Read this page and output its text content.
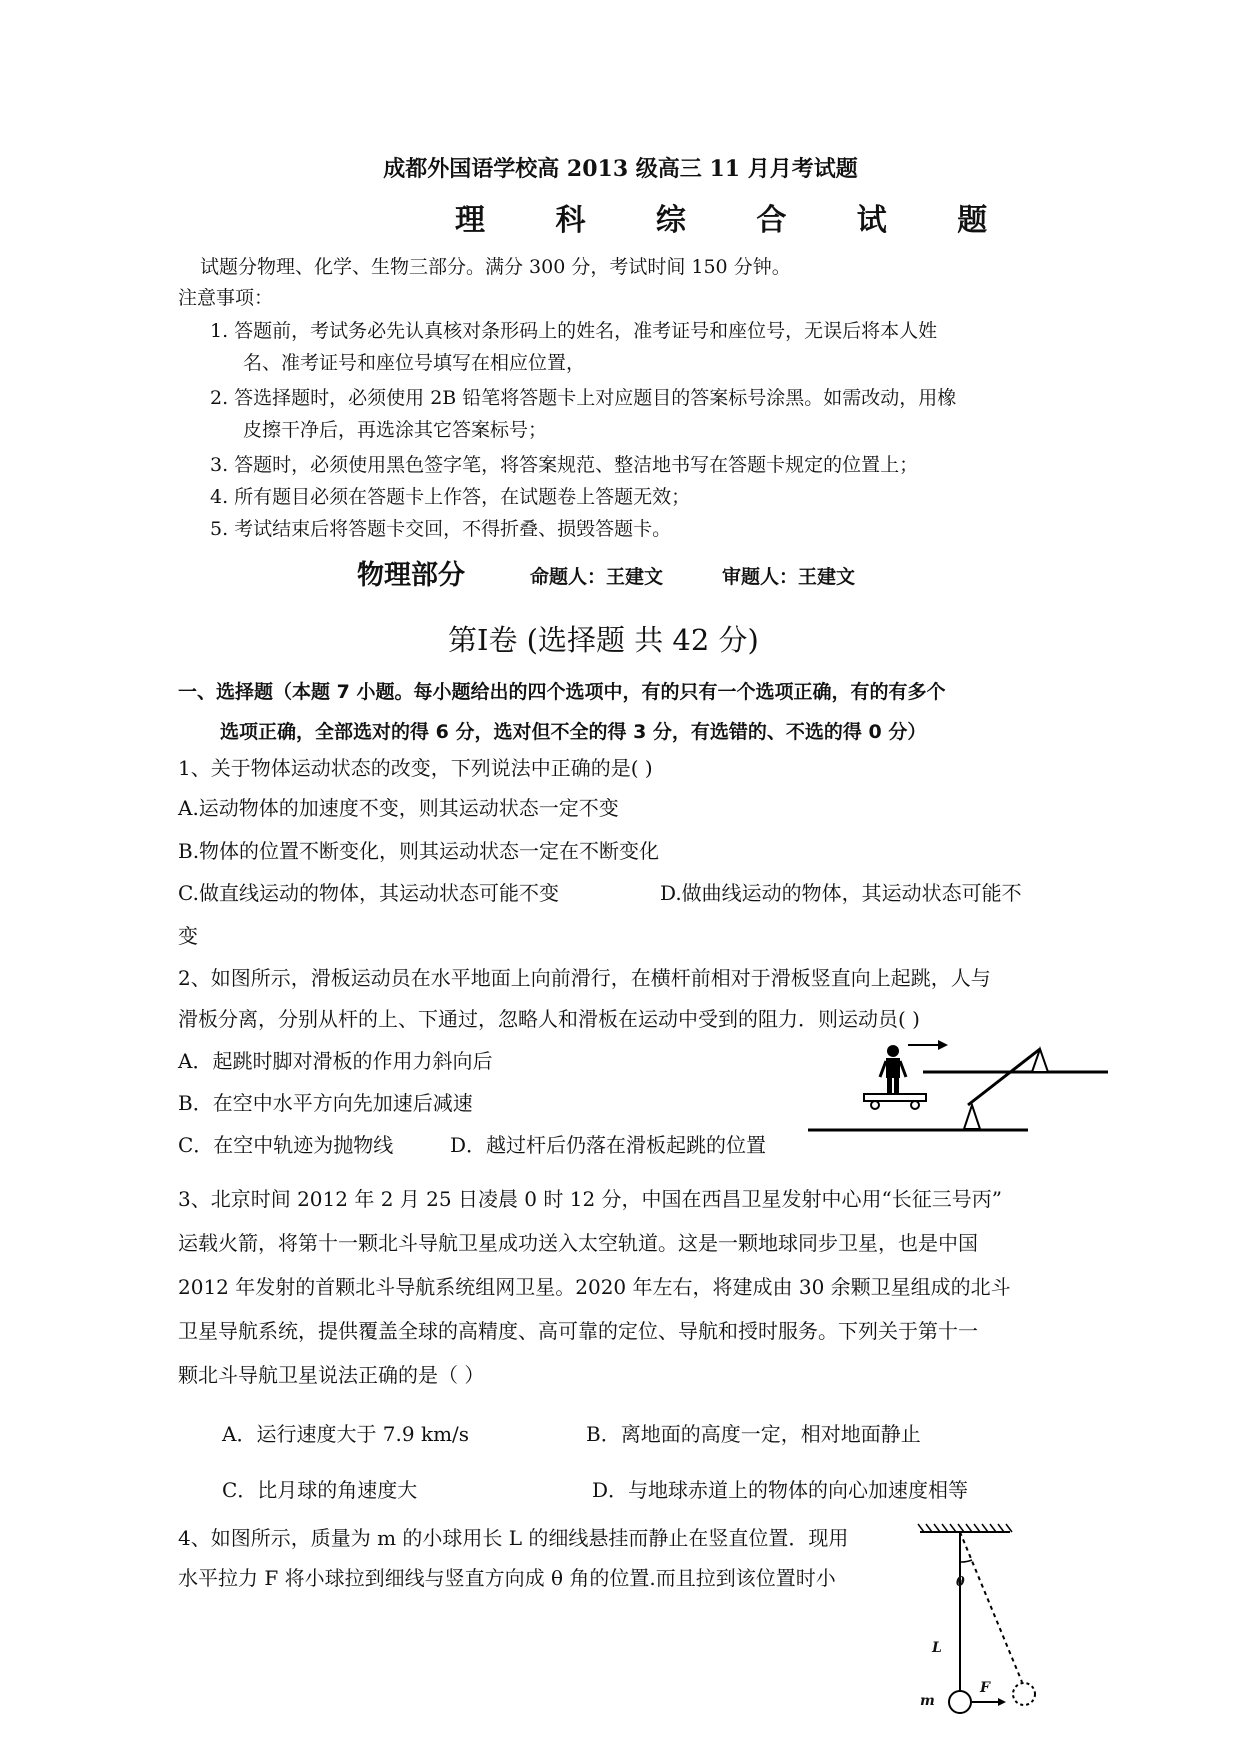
成都外国语学校高 2013 级高三 11 月月考试题
理 科 综 合 试 题
试题分物理、化学、生物三部分。满分 300 分，考试时间 150 分钟。
注意事项：
1. 答题前，考试务必先认真核对条形码上的姓名，准考证号和座位号，无误后将本人姓
名、准考证号和座位号填写在相应位置，
2. 答选择题时，必须使用 2B 铅笔将答题卡上对应题目的答案标号涂黑。如需改动，用橡
皮擦干净后，再选涂其它答案标号；
3. 答题时，必须使用黑色签字笔，将答案规范、整洁地书写在答题卡规定的位置上；
4. 所有题目必须在答题卡上作答，在试题卷上答题无效；
5. 考试结束后将答题卡交回，不得折叠、损毁答题卡。
物理部分	命题人：王建文	审题人：王建文
第Ⅰ卷 (选择题 共 42 分)
一、选择题（本题 7 小题。每小题给出的四个选项中，有的只有一个选项正确，有的有多个
选项正确，全部选对的得 6 分，选对但不全的得 3 分，有选错的、不选的得 0 分）
1、关于物体运动状态的改变，下列说法中正确的是( )
A.运动物体的加速度不变，则其运动状态一定不变
B.物体的位置不断变化，则其运动状态一定在不断变化
C.做直线运动的物体，其运动状态可能不变	D.做曲线运动的物体，其运动状态可能不
变
2、如图所示，滑板运动员在水平地面上向前滑行，在横杆前相对于滑板竖直向上起跳，人与
滑板分离，分别从杆的上、下通过，忽略人和滑板在运动中受到的阻力．则运动员( )
A．起跳时脚对滑板的作用力斜向后
B．在空中水平方向先加速后减速
C．在空中轨迹为抛物线	D．越过杆后仍落在滑板起跳的位置
3、北京时间 2012 年 2 月 25 日凌晨 0 时 12 分，中国在西昌卫星发射中心用“长征三号丙”
运载火箭，将第十一颗北斗导航卫星成功送入太空轨道。这是一颗地球同步卫星，也是中国
2012 年发射的首颗北斗导航系统组网卫星。2020 年左右，将建成由 30 余颗卫星组成的北斗
卫星导航系统，提供覆盖全球的高精度、高可靠的定位、导航和授时服务。下列关于第十一
颗北斗导航卫星说法正确的是（ ）
A．运行速度大于 7.9 km/s	B．离地面的高度一定，相对地面静止
C．比月球的角速度大	D．与地球赤道上的物体的向心加速度相等
4、如图所示，质量为 m 的小球用长 L 的细线悬挂而静止在竖直位置．现用
水平拉力 F 将小球拉到细线与竖直方向成 θ 角的位置.而且拉到该位置时小	θ
L
m
F
